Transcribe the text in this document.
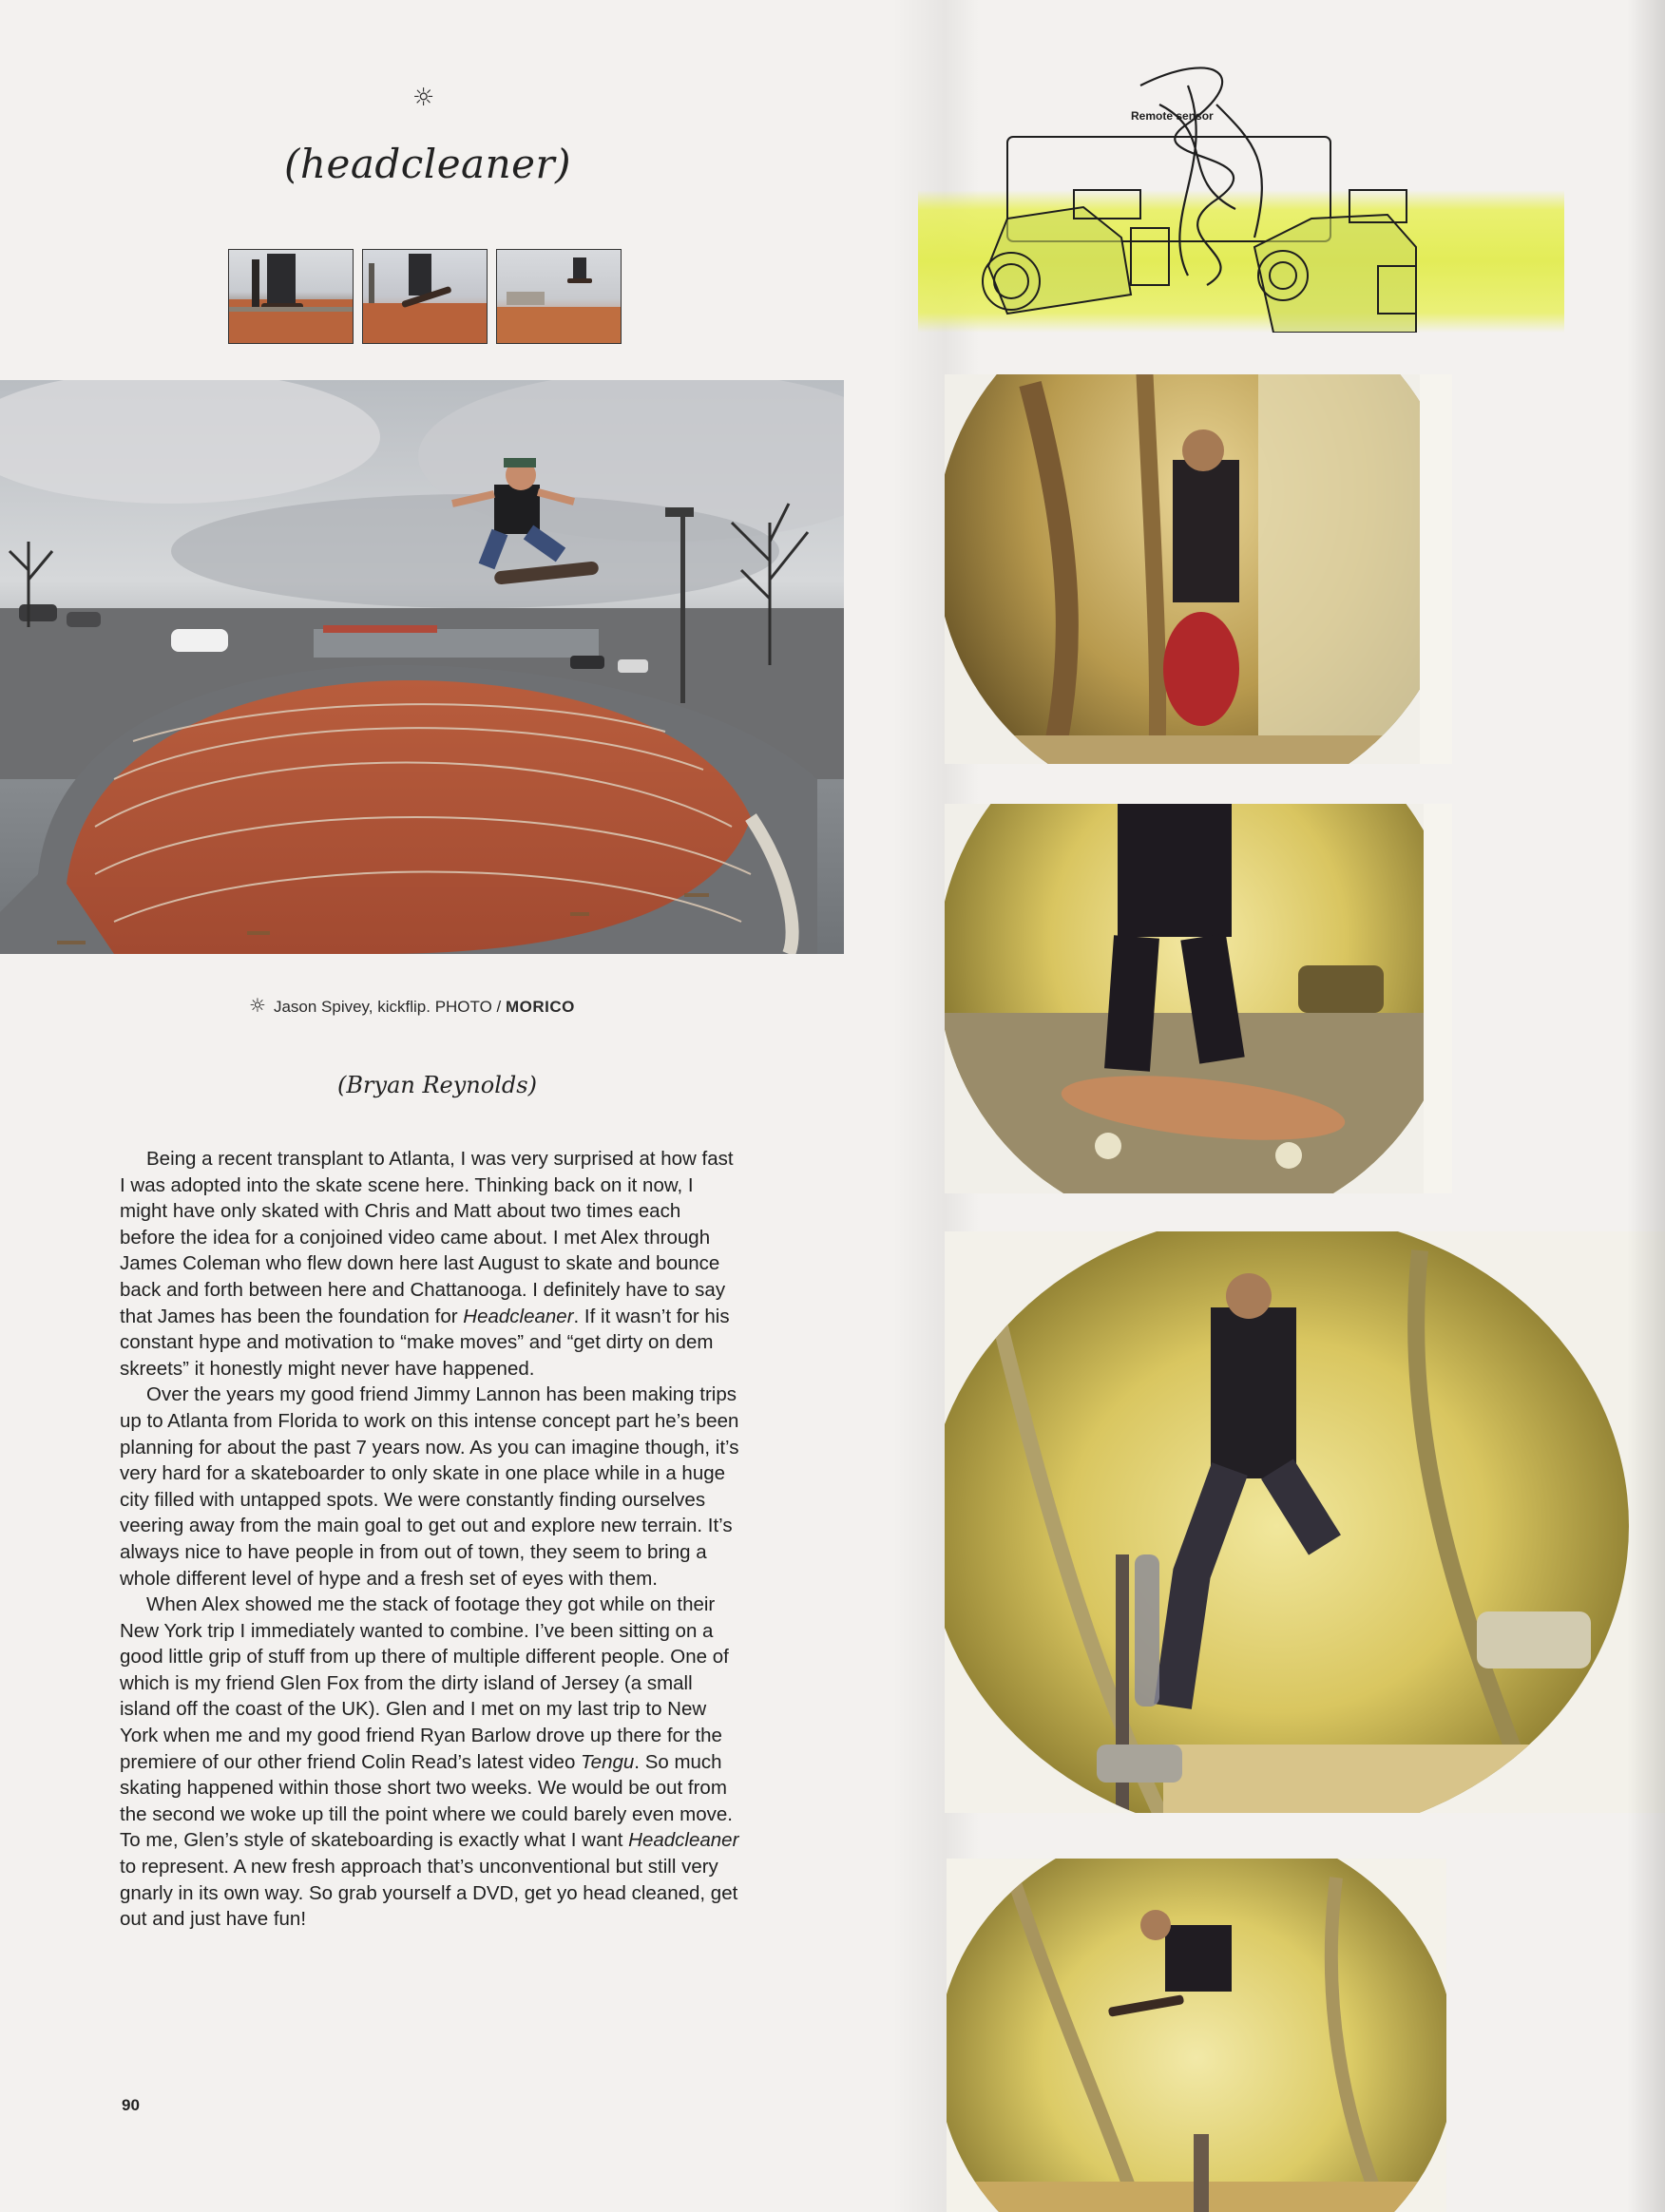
☼
(headcleaner)
☼ Jason Spivey, kickflip. PHOTO / MORICO
(Bryan Reynolds)

Being a recent transplant to Atlanta, I was very surprised at how fast I was adopted into the skate scene here. Thinking back on it now, I might have only skated with Chris and Matt about two times each before the idea for a conjoined video came about. I met Alex through James Coleman who flew down here last August to skate and bounce back and forth between here and Chattanooga. I definitely have to say that James has been the foundation for Headcleaner. If it wasn’t for his constant hype and motivation to “make moves” and “get dirty on dem skreets” it honestly might never have happened.

Over the years my good friend Jimmy Lannon has been making trips up to Atlanta from Florida to work on this intense concept part he’s been planning for about the past 7 years now. As you can imagine though, it’s very hard for a skateboarder to only skate in one place while in a huge city filled with untapped spots. We were constantly finding ourselves veering away from the main goal to get out and explore new terrain. It’s always nice to have people in from out of town, they seem to bring a whole different level of hype and a fresh set of eyes with them.

When Alex showed me the stack of footage they got while on their New York trip I immediately wanted to combine. I’ve been sitting on a good little grip of stuff from up there of multiple different people. One of which is my friend Glen Fox from the dirty island of Jersey (a small island off the coast of the UK). Glen and I met on my last trip to New York when me and my good friend Ryan Barlow drove up there for the premiere of our other friend Colin Read’s latest video Tengu. So much skating happened within those short two weeks. We would be out from the second we woke up till the point where we could barely even move. To me, Glen’s style of skateboarding is exactly what I want Headcleaner to represent. A new fresh approach that’s unconventional but still very gnarly in its own way. So grab yourself a DVD, get yo head cleaned, get out and just have fun!

90
Remote sensor
